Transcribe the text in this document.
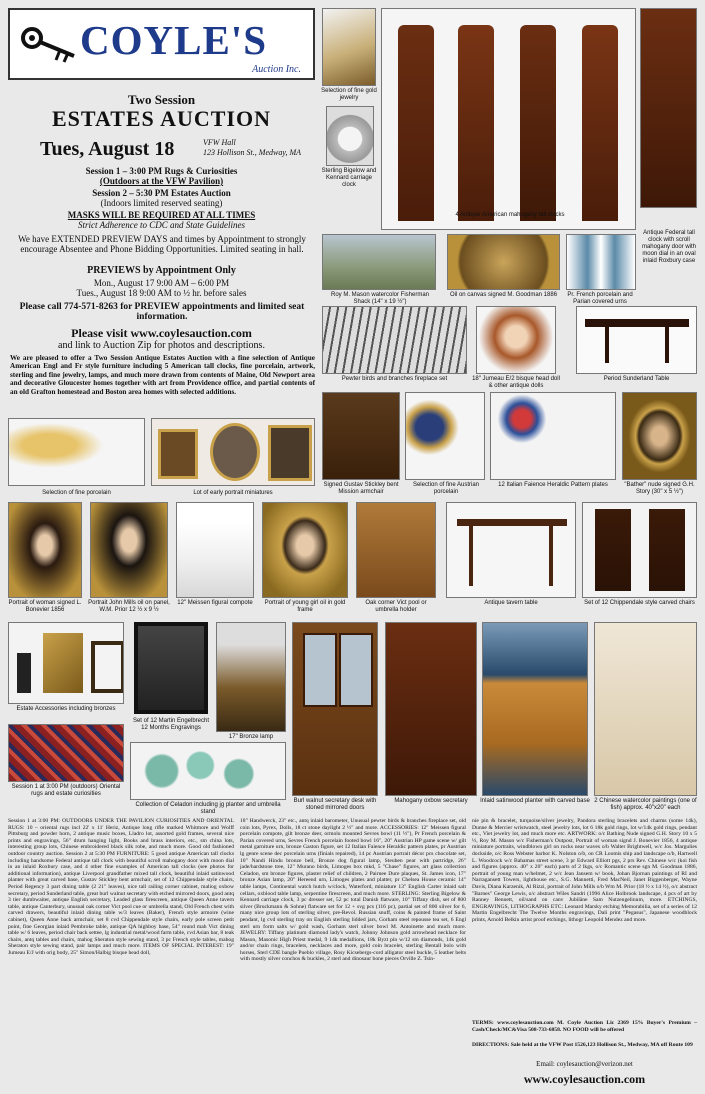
COYLE'S
Auction Inc.
Two Session
ESTATES AUCTION
Tues, August 18	VFW Hall
123 Hollison St., Medway, MA
Session 1 – 3:00 PM Rugs & Curiosities
(Outdoors at the VFW Pavilion)
Session 2 – 5:30 PM Estates Auction
(Indoors limited reserved seating)
MASKS WILL BE REQUIRED AT ALL TIMES
Strict Adherence to CDC and State Guidelines
We have EXTENDED PREVIEW DAYS and times by Appointment to strongly encourage Absentee and Phone Bidding Opportunities. Limited seating in hall.
PREVIEWS by Appointment Only
Mon., August 17 9:00 AM – 6:00 PM
Tues., August 18 9:00 AM to ½ hr. before sales
Please call 774-571-8263 for PREVIEW appointments and limited seat information.
Please visit www.coylesauction.com
and link to Auction Zip for photos and descriptions.
We are pleased to offer a Two Session Antique Estates Auction with a fine selection of Antique American Engl and Fr style furniture including 5 American tall clocks, fine porcelain, artwork, sterling and fine jewelry, lamps, and much more drawn from contents of Maine, Old Newport area and decorative Gloucester homes together with art from Providence office, and partial contents of an old Grafton homestead and Boston area homes with selected additions.
Selection of fine gold jewelry
Sterling Bigelow and Kennard carriage clock
4 Antique American mahogany tall clocks
Antique Federal tall clock with scroll mahogany door with moon dial in an oval inlaid Roxbury case
Roy M. Mason watercolor Fisherman Shack (14" x 19 ½")
Oil on canvas signed M. Goodman 1886	Pr. French porcelain and Parian covered urns
Pewter birds and branches fireplace set	18" Jumeau E/2 bisque head doll & other antique dolls
Period Sunderland Table
Selection of fine porcelain	Lot of early portrait miniatures
Signed Gustav Stickley bent Mission armchair
Selection of fine Austrian porcelain
12 Italian Faience Heraldic Pattern plates	"Bather" nude signed G.H. Story (30" x 5 ½")
Portrait of woman signed L. Bonevier 1856
Portrait John Mills oil on panel, W.M. Prior 12 ½ x 9 ½
12" Meissen figural compote	Portrait of young girl oil in gold frame
Oak corner Vict pool or umbrella holder
Antique tavern table	Set of 12 Chippendale style carved chairs
Estate Accessories including bronzes
Set of 12 Martin Engelbrecht 12 Months Engravings
17" Bronze lamp
Burl walnut secretary desk with stoned mirrored doors
Mahogany oxbow secretary	Inlaid satinwood planter with carved base 2 Chinese watercolor paintings (one of fish) approx. 40"x20" each
Session 1 at 3:00 PM (outdoors) Oriental rugs and estate curiosities
Collection of Celadon including jg planter and umbrella stand
Session 1 at 3:00 PM: OUTDOORS UNDER THE PAVILION CURIOSITIES AND ORIENTAL RUGS: 10 – oriental rugs incl 22' x 11' Heriz, Antique long rifle marked Whitmore and Wolff Pittsburg and powder horn, 2 antique music boxes, Lladro lot, assorted gold frames, several nice prints and engravings, 56" drum hanging light, Books and brass interiors, etc., sm china lots, interesting group lots, Chinese embroidered black silk robe, and much more. Good old fashioned outdoor country auction. Session 2 at 5:30 PM FURNITURE: 5 good antique American tall clocks including handsome Federal antique tall clock with beautiful scroll mahogany door with moon dial in an inlaid Roxbury case, and 4 other fine examples of American tall clocks (see photos for additional information), antique Liverpool grandfather mixed tall clock, beautiful inlaid satinwood planter with great carved base, Gustav Stickley bent armchair, set of 12 Chippendale style chairs, Period Regency 3 part dining table (2 21" leaves), nice tall railing corner cabinet, maliog oxbow secretary, period Sunderland table, great burl walnut secretary with etched mirrored doors, good antq 3 tier dumbwaiter, antique English secretary, Leaded glass firescreen, antique Queen Anne tavern table, antique Canterbury, unusual oak corner Vict pool cue or umbrella stand, Old French chest with carved drawers, beautiful inlaid dining table w/3 leaves (Baker), French style armoire (wine cabinet), Queen Anne back armchair, set 8 cvd Chippendale style chairs, early pole screen petit point, fine Georgian inlaid Pembroke table, antique QA highboy base, 54" round mah Vict dining table w/ 6 leaves, period chair back settee, lg industrial metal/wood farm table, cvd Asian bar, 8 teak chairs, antq tables and chairs, mahog Sheraton style sewing stand, 3 pc French style tables, mahog Sheraton style sewing stand, pair lamps and much more. ITEMS OF SPECIAL INTEREST: 19" Jumeau E/J with orig body, 25" Simon/Halbig bisque head doll,
18" Handwerck, 23" etc., antq inlaid barometer, Unusual pewter birds & branches fireplace set, old coin lots, Pyrex, Dolls, 18 ct stone daylight 2 ½" and more. ACCESSORIES: 12" Meissen figural porcelain compote, gilt bronze deer, ormolu mounted Sevres bowl (11 ½"), Pr French porcelain & Parian covered urns, Sevres French porcelain footed bowl 16", 20" Austrian HP game scene w/ gilt metal garniture urn, bronze Gaston figure, set 12 Italian Faience Heraldic pattern plates, pr Austrian lg genre scene dec porcelain urns (finials repaired), 14 pc Austrian portrait décor pcs chocolate set, 10" Nandi Hindu bronze bell, Bronze dog figural lamp, Steuben pear with partridge, 26" jade/hardstone tree, 12" Murano birds, Limoges box mkd, 5 "Chase" figures, art glass collection Celadon, sm bronze figures, plaster relief of children, 2 Pairnee Dure plaques, St. James icon, 17" bronze Asian lamp, 20" Hereend urn, Limoges plates and platter, pr Chelsea House ceramic 14" table lamps, Continental watch hutch w/clock, Waterford, miniature 13" English Carter inlaid salt cellars, oxblood table lamp, serpentine firescreen, and much more. STERLING: Sterling Bigelow & Kennard carriage clock, 3 pc dresser set, 52 pc total Danish flatware, 10" Tiffany dish, set of 800 silver (Bruckmann & Sohne) flatware set for 12 + svg pcs (116 pc), partial set of 800 silver for 6, many nice group lots of sterling silver, pre-Revol. Russian snuff, coins & painted frame of Saint pendant, lg cvd sterling tray on English sterling lidded jars, Gorham steel repousse tea set, 6 Engl sterl urn form salts w/ gold wash, Gorham sterl silver bowl M. Antoinette and much more. JEWELRY: Tiffany platinum diamond lady's watch, Johnny Johnson gold arrowhead necklace for Mason, Masonic High Priest medal, 9 14k medallions, 18k Byzt pin w/12 sm diamonds, 14k gold and/or chain rings, bracelets, necklaces and more, gold coin bracelet, sterling Bentall bolo with horses, Sterl CDE bangle Pueblo village, Rosy Kicsebergs-cord alligator steel buckle, 5 leather belts with mostly silver conchos & buckles, 2 sterl and dinosaur bone pieces Orville Z. Tsin-
nie pin & bracelet, turquoise/silver jewelry, Pandora sterling bracelets and charms (some 14k), Dunne & Mercier wristwatch, steel jewelry lots, lot 6 18k gold rings, lot w/14k gold rings, pendant etc., Viet jewelry lot, and much more etc. ARTWORK: o/c Bathing Nude signed G.H. Story 10 x 5 ½, Roy M. Mason w/c Fisherman's Outpost, Portrait of woman signd J. Bonevier 1856, 4 antique miniature portraits, windblown girl on rocks near waves o/b Walter Brightwell, w/c Jos. Margulies dockside, o/c Ross Webster harbor K. Nolston o/b, on CR Loomis ship and landscape o/b, Hartwell L. Woodcock w/c Bahamas street scene, 3 pr Edward Elliott pgs, 2 prs Rev. Chinese w/c (koi fish and figures (approx. 40" x 20" each) parts of 2 lkgs, o/c Romantic scene sgn M. Goodman 1886, portrait of young man w/helmet, 2 w/c Jean Jansem w/ book, Johan Bjornan paintings of RI and Narragansett Towers, lighthouse etc., S.G. Mannetti, Fred MacNeil, Janet Biggenberger, Wayne Davis, Diana Karzenik, Al Rizzi, portrait of John Mills o/b Wm M. Prior (18 ½ x 14 ½), o/c abstract "Barnes" George Lewis, o/c abstract Wiles Sandri (1996 Alice Holbrook landscape, 4 pcs of art by Ranney Bennett, oil/sand on canv Jubiläne Sam Nutzengelinum, more. ETCHINGS, ENGRAVINGS, LITHOGRAPHS ETC: Leonard Marsky etching Memorabilia, set of a series of 12 Martin Engelbrecht The Twelve Months engravings, Dali print "Pegasus", Japanese woodblock prints, Arnold Belkin artist proof etchings, lithogr Leopold Mendez and more.
TERMS: www.coylesauction.com M. Coyle Auction Lic 2369 15% Buyer's Premium – Cash/Check/MC&Visa 508-733-6858. NO FOOD will be offered
DIRECTIONS: Sale held at the VFW Post 1526,123 Hollison St., Medway, MA off Route 109
Email: coylesauction@verizon.net
www.coylesauction.com
